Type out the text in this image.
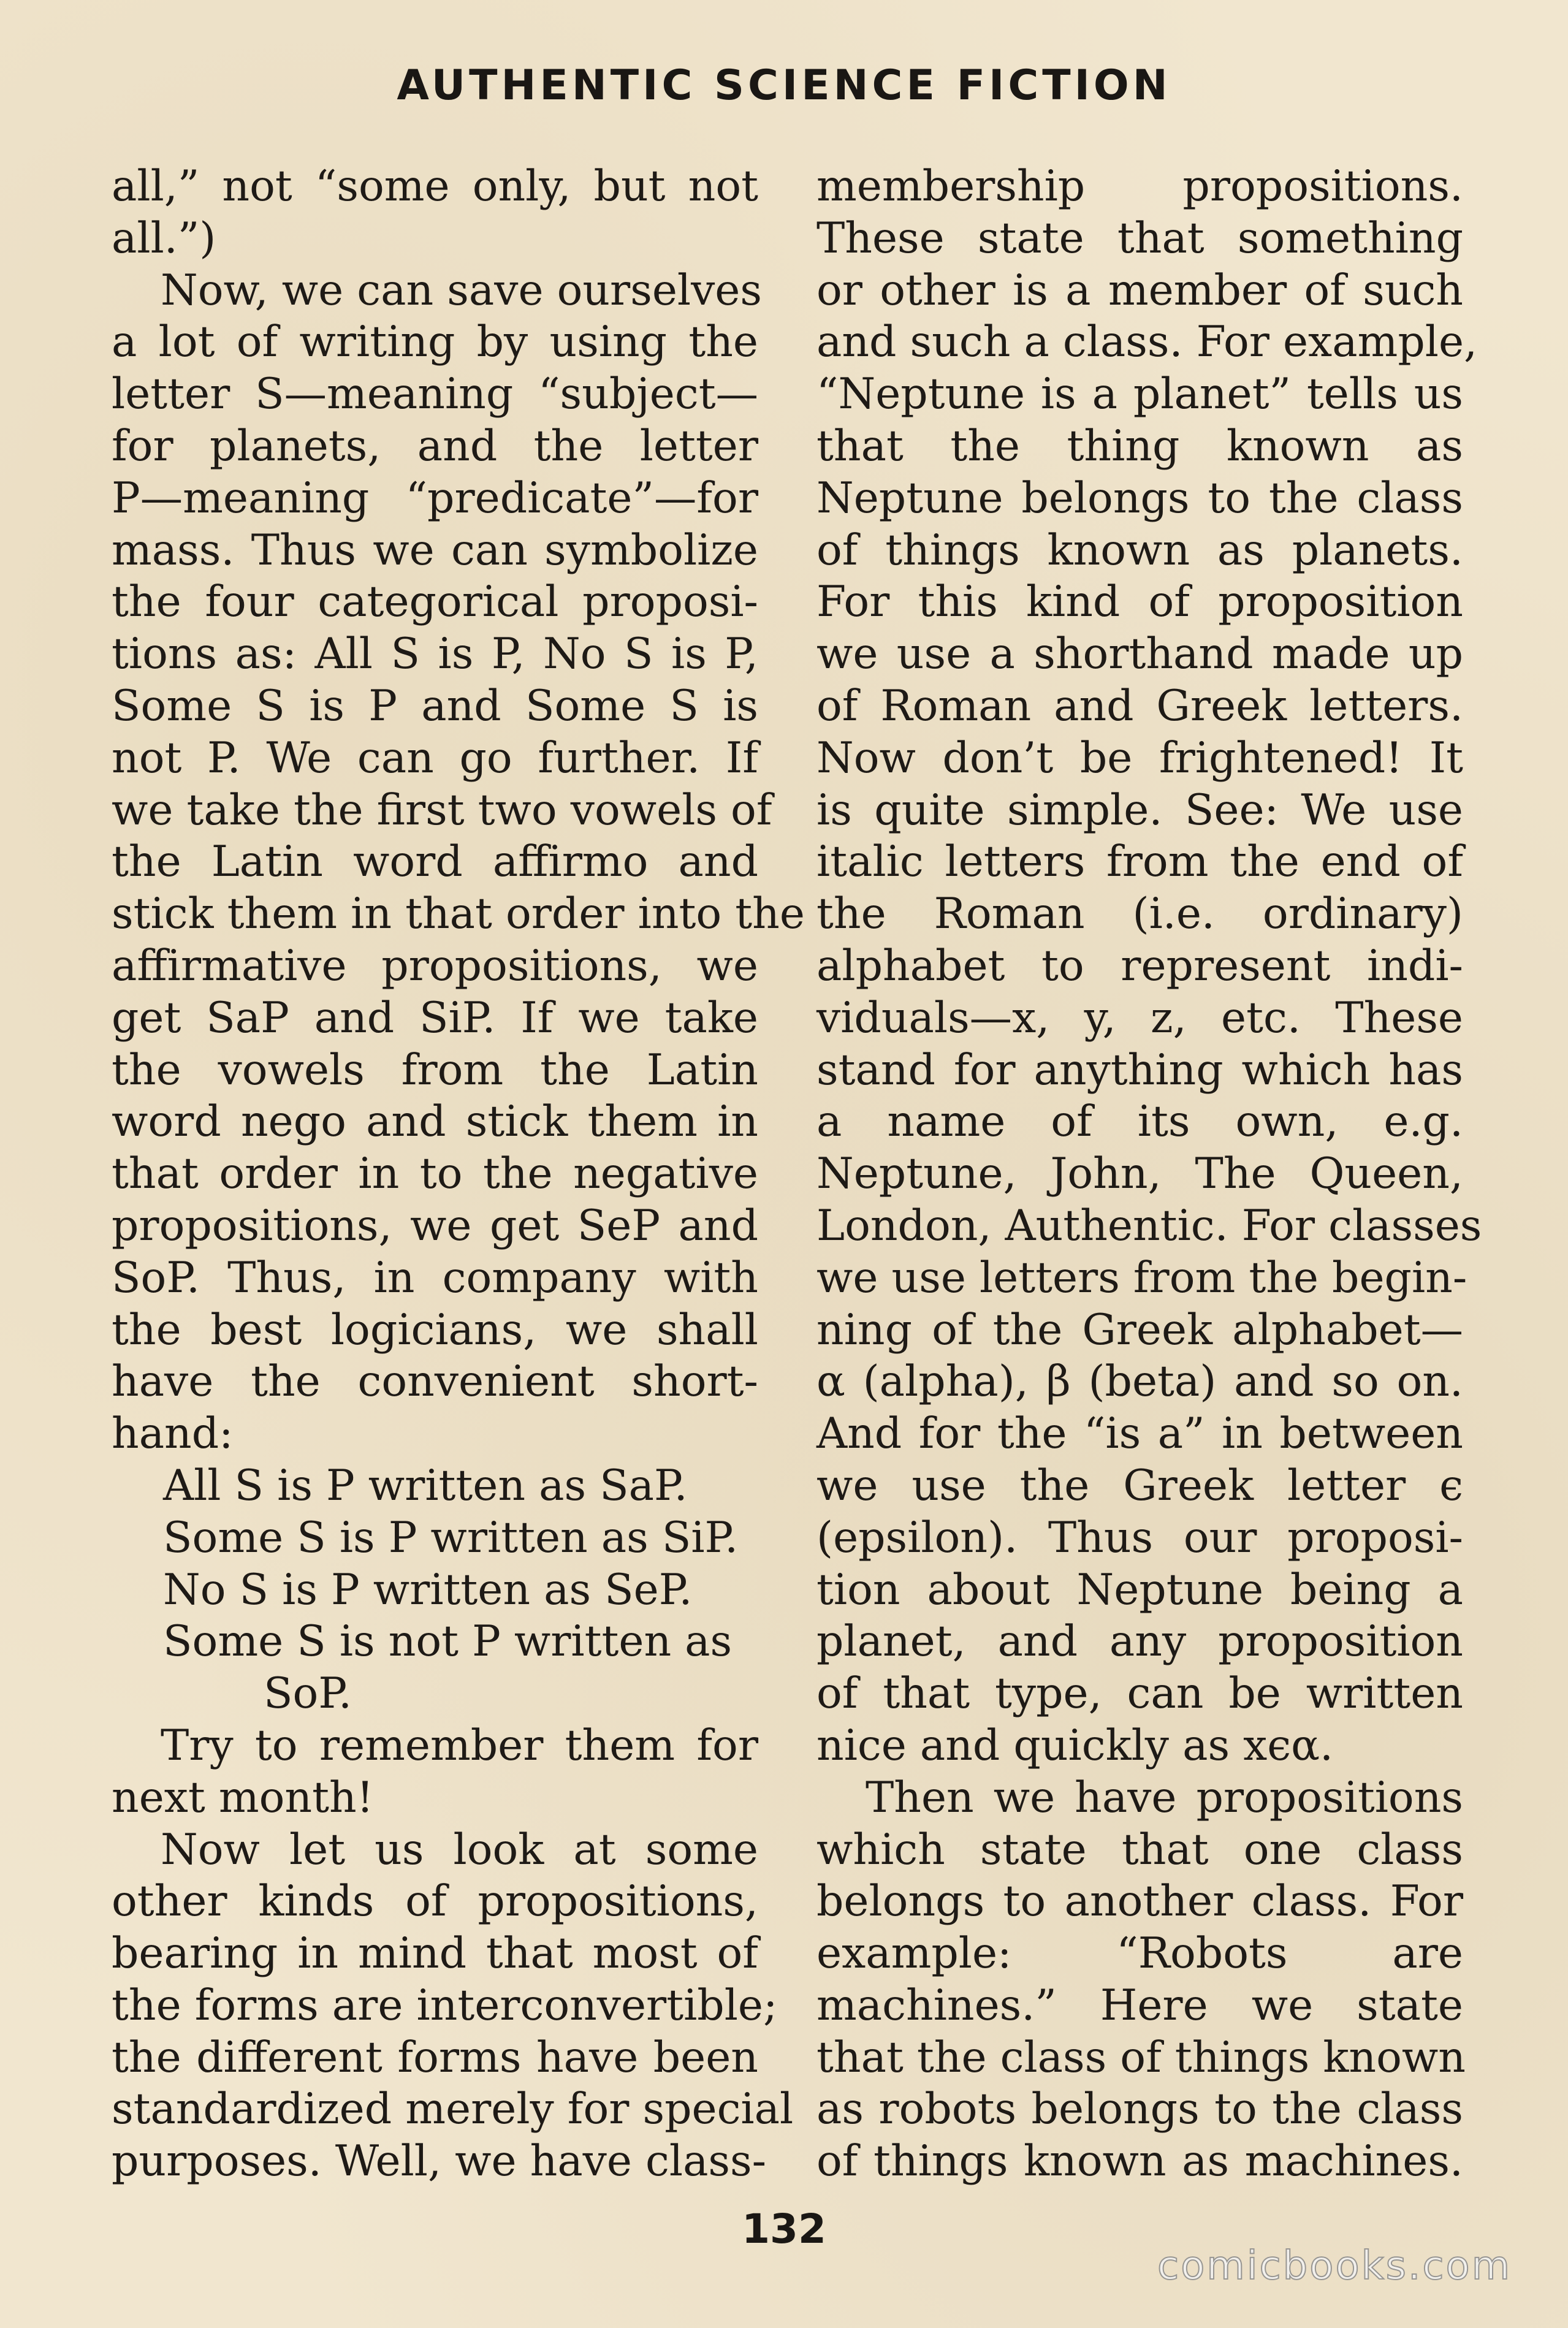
AUTHENTIC SCIENCE FICTION
all,” not “some only, but not
all.”)
Now, we can save ourselves
a lot of writing by using the
letter S—meaning “subject—
for planets, and the letter
P—meaning “predicate”—for
mass. Thus we can symbolize
the four categorical proposi-
tions as: All S is P, No S is P,
Some S is P and Some S is
not P. We can go further. If
we take the first two vowels of
the Latin word affirmo and
stick them in that order into the
affirmative propositions, we
get SaP and SiP. If we take
the vowels from the Latin
word nego and stick them in
that order in to the negative
propositions, we get SeP and
SoP. Thus, in company with
the best logicians, we shall
have the convenient short-
hand:
All S is P written as SaP.
Some S is P written as SiP.
No S is P written as SeP.
Some S is not P written as
SoP.
Try to remember them for
next month!
Now let us look at some
other kinds of propositions,
bearing in mind that most of
the forms are interconvertible;
the different forms have been
standardized merely for special
purposes. Well, we have class-
membership propositions.
These state that something
or other is a member of such
and such a class. For example,
“Neptune is a planet” tells us
that the thing known as
Neptune belongs to the class
of things known as planets.
For this kind of proposition
we use a shorthand made up
of Roman and Greek letters.
Now don’t be frightened! It
is quite simple. See: We use
italic letters from the end of
the Roman (i.e. ordinary)
alphabet to represent indi-
viduals—x, y, z, etc. These
stand for anything which has
a name of its own, e.g.
Neptune, John, The Queen,
London, Authentic. For classes
we use letters from the begin-
ning of the Greek alphabet—
α (alpha), β (beta) and so on.
And for the “is a” in between
we use the Greek letter ϵ
(epsilon). Thus our proposi-
tion about Neptune being a
planet, and any proposition
of that type, can be written
nice and quickly as xϵα.
Then we have propositions
which state that one class
belongs to another class. For
example: “Robots are
machines.” Here we state
that the class of things known
as robots belongs to the class
of things known as machines.
132
comicbooks.com
